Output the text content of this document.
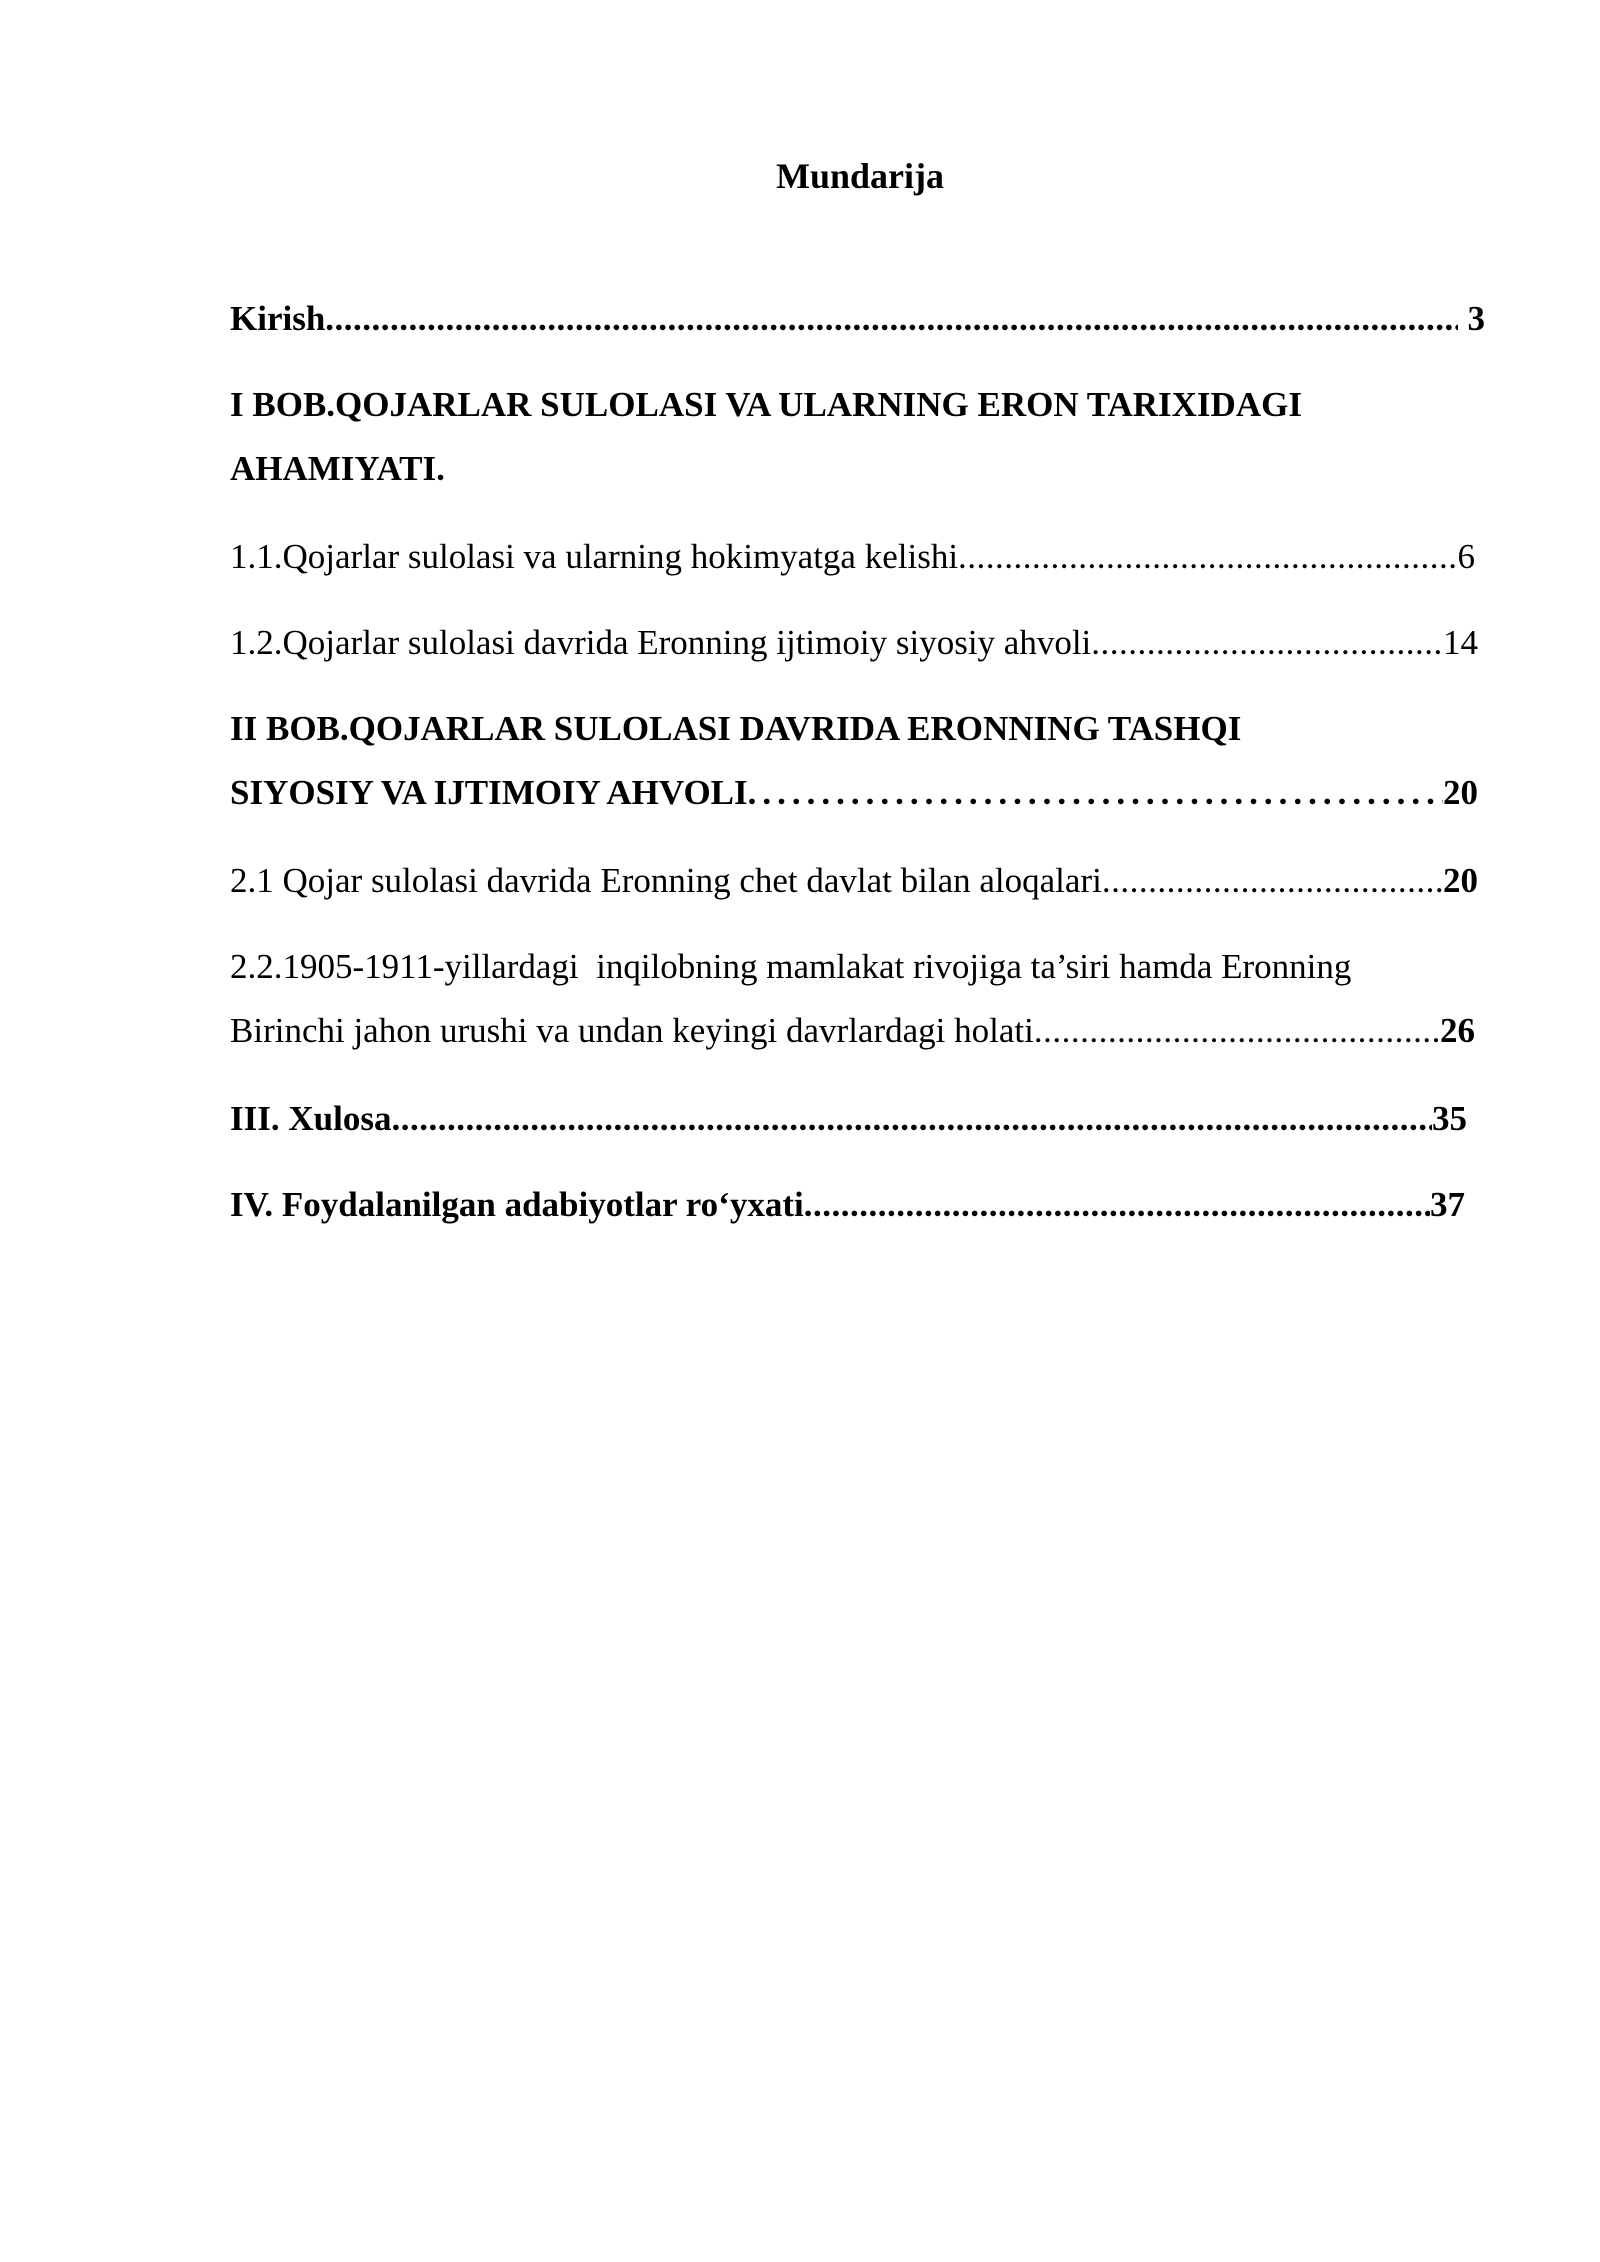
Mundarija
Kirish .....	3
I BOB.QOJARLAR SULOLASI VA ULARNING ERON TARIXIDAGI
AHAMIYATI.
1.1.Qojarlar sulolasi va ularning hokimyatga kelishi .....	6
1.2.Qojarlar sulolasi davrida Eronning ijtimoiy siyosiy ahvoli .....	14
II BOB.QOJARLAR SULOLASI DAVRIDA ERONNING TASHQI
SIYOSIY VA IJTIMOIY AHVOLI .....	20
2.1 Qojar sulolasi davrida Eronning chet davlat bilan aloqalari .....	20
2.2.1905-1911-yillardagi  inqilobning mamlakat rivojiga ta’siri hamda Eronning
Birinchi jahon urushi va undan keyingi davrlardagi holati .....	26
III. Xulosa .....	35
IV. Foydalanilgan adabiyotlar ro‘yxati .....	37
